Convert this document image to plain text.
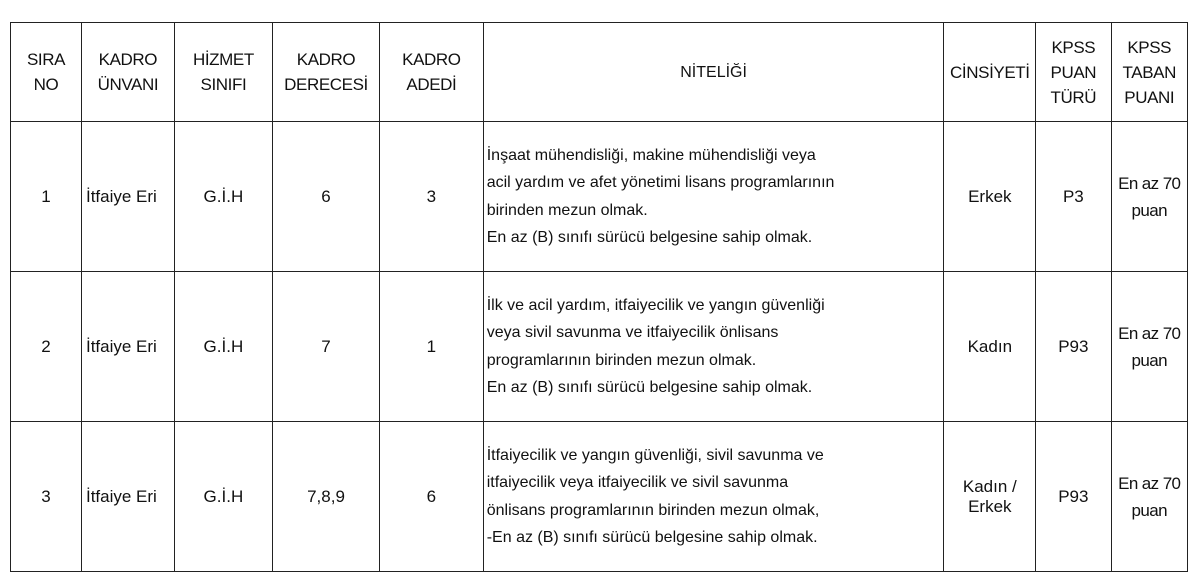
SIRA NO	KADRO ÜNVANI	HİZMET SINIFI	KADRO DERECESİ	KADRO ADEDİ	NİTELİĞİ	CİNSİYETİ	KPSS PUAN TÜRÜ	KPSS TABAN PUANI
1	İtfaiye Eri	G.İ.H	6	3	İnşaat mühendisliği, makine mühendisliği veya
acil yardım ve afet yönetimi lisans programlarının
birinden mezun olmak.
En az (B) sınıfı sürücü belgesine sahip olmak.	Erkek	P3	En az 70 puan
2	İtfaiye Eri	G.İ.H	7	1	İlk ve acil yardım, itfaiyecilik ve yangın güvenliği
veya sivil savunma ve itfaiyecilik önlisans
programlarının birinden mezun olmak.
En az (B) sınıfı sürücü belgesine sahip olmak.	Kadın	P93	En az 70 puan
3	İtfaiye Eri	G.İ.H	7,8,9	6	İtfaiyecilik ve yangın güvenliği, sivil savunma ve
itfaiyecilik veya itfaiyecilik ve sivil savunma
önlisans programlarının birinden mezun olmak,
-En az (B) sınıfı sürücü belgesine sahip olmak.	Kadın / Erkek	P93	En az 70 puan
